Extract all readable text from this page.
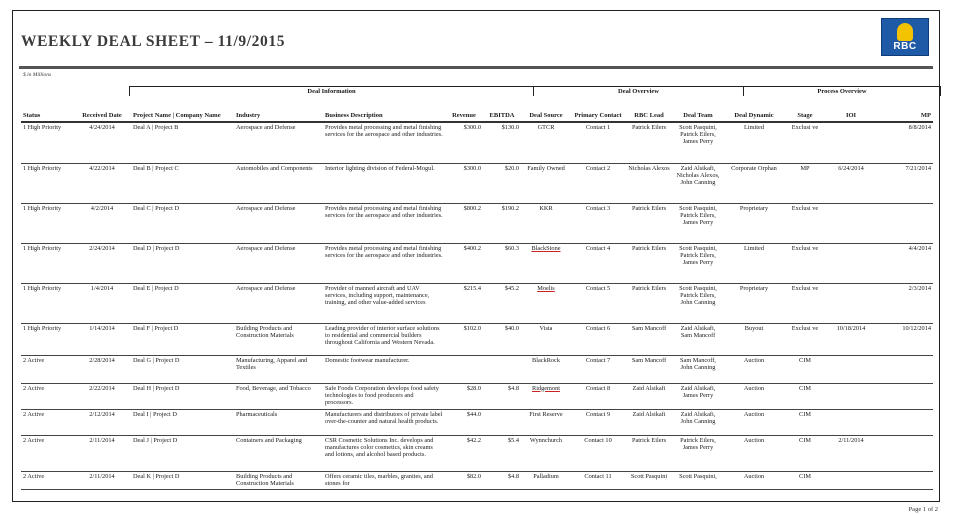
WEEKLY DEAL SHEET – 11/9/2015	RBC
$ in Millions
Deal Information	Deal Overview	Process Overview
Status	Received Date	Project Name | Company Name	Industry	Business Description	Revenue	EBITDA	Deal Source	Primary Contact	RBC Lead	Deal Team	Deal Dynamic	Stage	IOI	MP
1 High Priority	4/24/2014	Deal A | Project B	Aerospace and Defense	Provides metal processing and metal finishing services for the aerospace and other industries.	$300.0	$130.0	GTCR	Contact 1	Patrick Eilers	Scott Pasquini, Patrick Eilers, James Perry	Limited	Exclusi ve		8/8/2014
1 High Priority	4/22/2014	Deal B | Project C	Automobiles and Components	Interior lighting division of Federal-Mogul.	$300.0	$20.0	Family Owned	Contact 2	Nicholas Alexos	Zaid Alsikafi, Nicholas Alexos, John Canning	Corporate Orphan	MP	6/24/2014	7/21/2014
1 High Priority	4/2/2014	Deal C | Project D	Aerospace and Defense	Provides metal processing and metal finishing services for the aerospace and other industries.	$800.2	$190.2	KKR	Contact 3	Patrick Eilers	Scott Pasquini, Patrick Eilers, James Perry	Proprietary	Exclusi ve		
1 High Priority	2/24/2014	Deal D | Project D	Aerospace and Defense	Provides metal processing and metal finishing services for the aerospace and other industries.	$400.2	$60.3	BlackStone	Contact 4	Patrick Eilers	Scott Pasquini, Patrick Eilers, James Perry	Limited	Exclusi ve		4/4/2014
1 High Priority	1/4/2014	Deal E | Project D	Aerospace and Defense	Provider of manned aircraft and UAV services, including support, maintenance, training, and other value-added services	$215.4	$45.2	Moelis	Contact 5	Patrick Eilers	Scott Pasquini, Patrick Eilers, John Canning	Proprietary	Exclusi ve		2/3/2014
1 High Priority	1/14/2014	Deal F | Project D	Building Products and Construction Materials	Leading provider of interior surface solutions to residential and commercial builders throughout California and Western Nevada.	$102.0	$40.0	Vista	Contact 6	Sam Mancoff	Zaid Alsikafi, Sam Mancoff	Buyout	Exclusi ve	10/18/2014	10/12/2014
2 Active	2/28/2014	Deal G | Project D	Manufacturing, Apparel and Textiles	Domestic footwear manufacturer.			BlackRock	Contact 7	Sam Mancoff	Sam Mancoff, John Canning	Auction	CIM		
2 Active	2/22/2014	Deal H | Project D	Food, Beverage, and Tobacco	Safe Foods Corporation develops food safety technologies to food producers and processors.	$28.0	$4.8	Ridgemont	Contact 8	Zaid Alsikafi	Zaid Alsikafi, James Perry	Auction	CIM		
2 Active	2/12/2014	Deal I | Project D	Pharmaceuticals	Manufacturers and distributors of private label over-the-counter and natural health products.	$44.0		First Reserve	Contact 9	Zaid Alsikafi	Zaid Alsikafi, John Canning	Auction	CIM		
2 Active	2/11/2014	Deal J | Project D	Containers and Packaging	CSR Cosmetic Solutions Inc. develops and manufactures color cosmetics, skin creams and lotions, and alcohol based products.	$42.2	$5.4	Wynnchurch	Contact 10	Patrick Eilers	Patrick Eilers, James Perry	Auction	CIM	2/11/2014	
2 Active	2/11/2014	Deal K | Project D	Building Products and Construction Materials	Offers ceramic tiles, marbles, granites, and stones for	$82.0	$4.8	Palladium	Contact 11	Scott Pasquini	Scott Pasquini,	Auction	CIM		
Page 1 of 2
